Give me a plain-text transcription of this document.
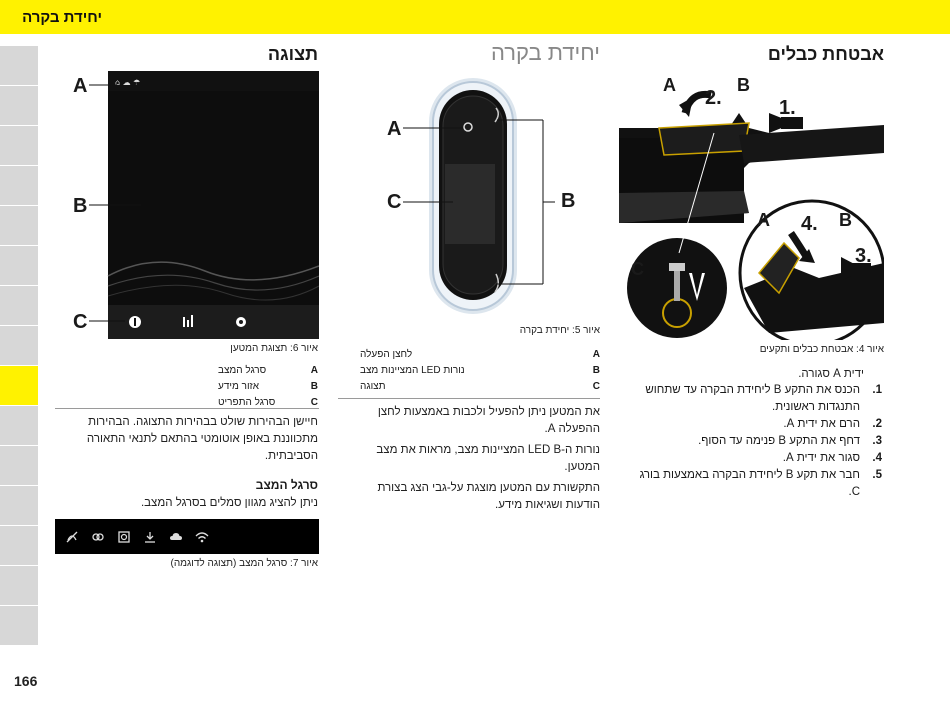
יחידת בקרה
166
אבטחת כבלים
A	B
2.	1.
A 4. B
3.
C
איור 4: אבטחת כבלים ותקעים
ידית A סגורה.
1.
הכנס את התקע B ליחידת הבקרה עד שתחוש התנגדות ראשונית.
2.
הרם את ידית A.
3.
דחף את התקע B פנימה עד הסוף.
4.
סגור את ידית A.
5.
חבר את תקע B ליחידת הבקרה באמצעות בורג C.
יחידת בקרה
A
C	B
איור 5: יחידת בקרה
A
לחצן הפעלה
B
נורות LED המציינות מצב
C
תצוגה

את המטען ניתן להפעיל ולכבות באמצעות לחצן ההפעלה A.

נורות ה-LED B המציינות מצב, מראות את מצב המטען.

התקשורת עם המטען מוצגת על-גבי הצג בצורת הודעות ושגיאות מידע.

תצוגה
⌂ ☁ ☂
A
B
C
איור 6: תצוגת המטען
A
סרגל המצב
B
אזור מידע
C
סרגל התפריט
חיישן הבהירות שולט בבהירות התצוגה. הבהירות מתכווננת באופן אוטומטי בהתאם לתנאי התאורה הסביבתית.
סרגל המצב
ניתן להציג מגוון סמלים בסרגל המצב.
איור 7: סרגל המצב (תצוגה לדוגמה)
